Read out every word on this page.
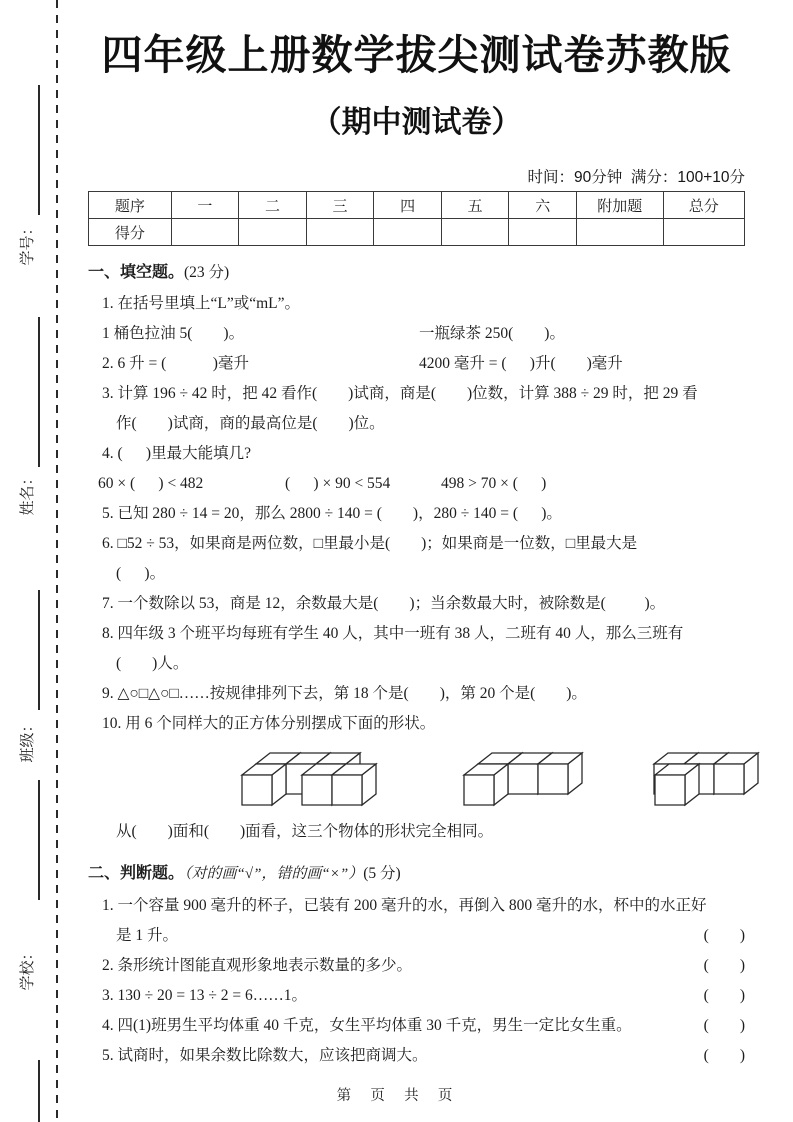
学号：
姓名：
班级：
学校：
四年级上册数学拔尖测试卷苏教版
（期中测试卷）
时间：90分钟  满分：100+10分
题序	一	二	三	四	五	六	附加题	总分
得分								

一、填空题。(23 分)

1. 在括号里填上“L”或“mL”。

1 桶色拉油 5(        )。	一瓶绿茶 250(        )。
2. 6 升 = (            )毫升	4200 毫升 = (      )升(        )毫升

3. 计算 196 ÷ 42 时，把 42 看作(        )试商，商是(        )位数，计算 388 ÷ 29 时，把 29 看

作(        )试商，商的最高位是(        )位。

4. (      )里最大能填几?

60 × (      ) < 482	(      ) × 90 < 554	498 > 70 × (      )

5. 已知 280 ÷ 14 = 20，那么 2800 ÷ 140 = (        )，280 ÷ 140 = (      )。

6. □52 ÷ 53，如果商是两位数，□里最小是(        )；如果商是一位数，□里最大是

(      )。

7. 一个数除以 53，商是 12，余数最大是(        )；当余数最大时，被除数是(          )。

8. 四年级 3 个班平均每班有学生 40 人，其中一班有 38 人，二班有 40 人，那么三班有

(        )人。

9. △○□△○□……按规律排列下去，第 18 个是(        )，第 20 个是(        )。

10. 用 6 个同样大的正方体分别摆成下面的形状。

从(        )面和(        )面看，这三个物体的形状完全相同。

二、判断题。（对的画“√”，错的画“×”）(5 分)

1. 一个容量 900 毫升的杯子，已装有 200 毫升的水，再倒入 800 毫升的水，杯中的水正好

是 1 升。	(        )
2. 条形统计图能直观形象地表示数量的多少。	(        )
3. 130 ÷ 20 = 13 ÷ 2 = 6……1。	(        )
4. 四(1)班男生平均体重 40 千克，女生平均体重 30 千克，男生一定比女生重。	(        )
5. 试商时，如果余数比除数大，应该把商调大。	(        )
第  页  共  页
